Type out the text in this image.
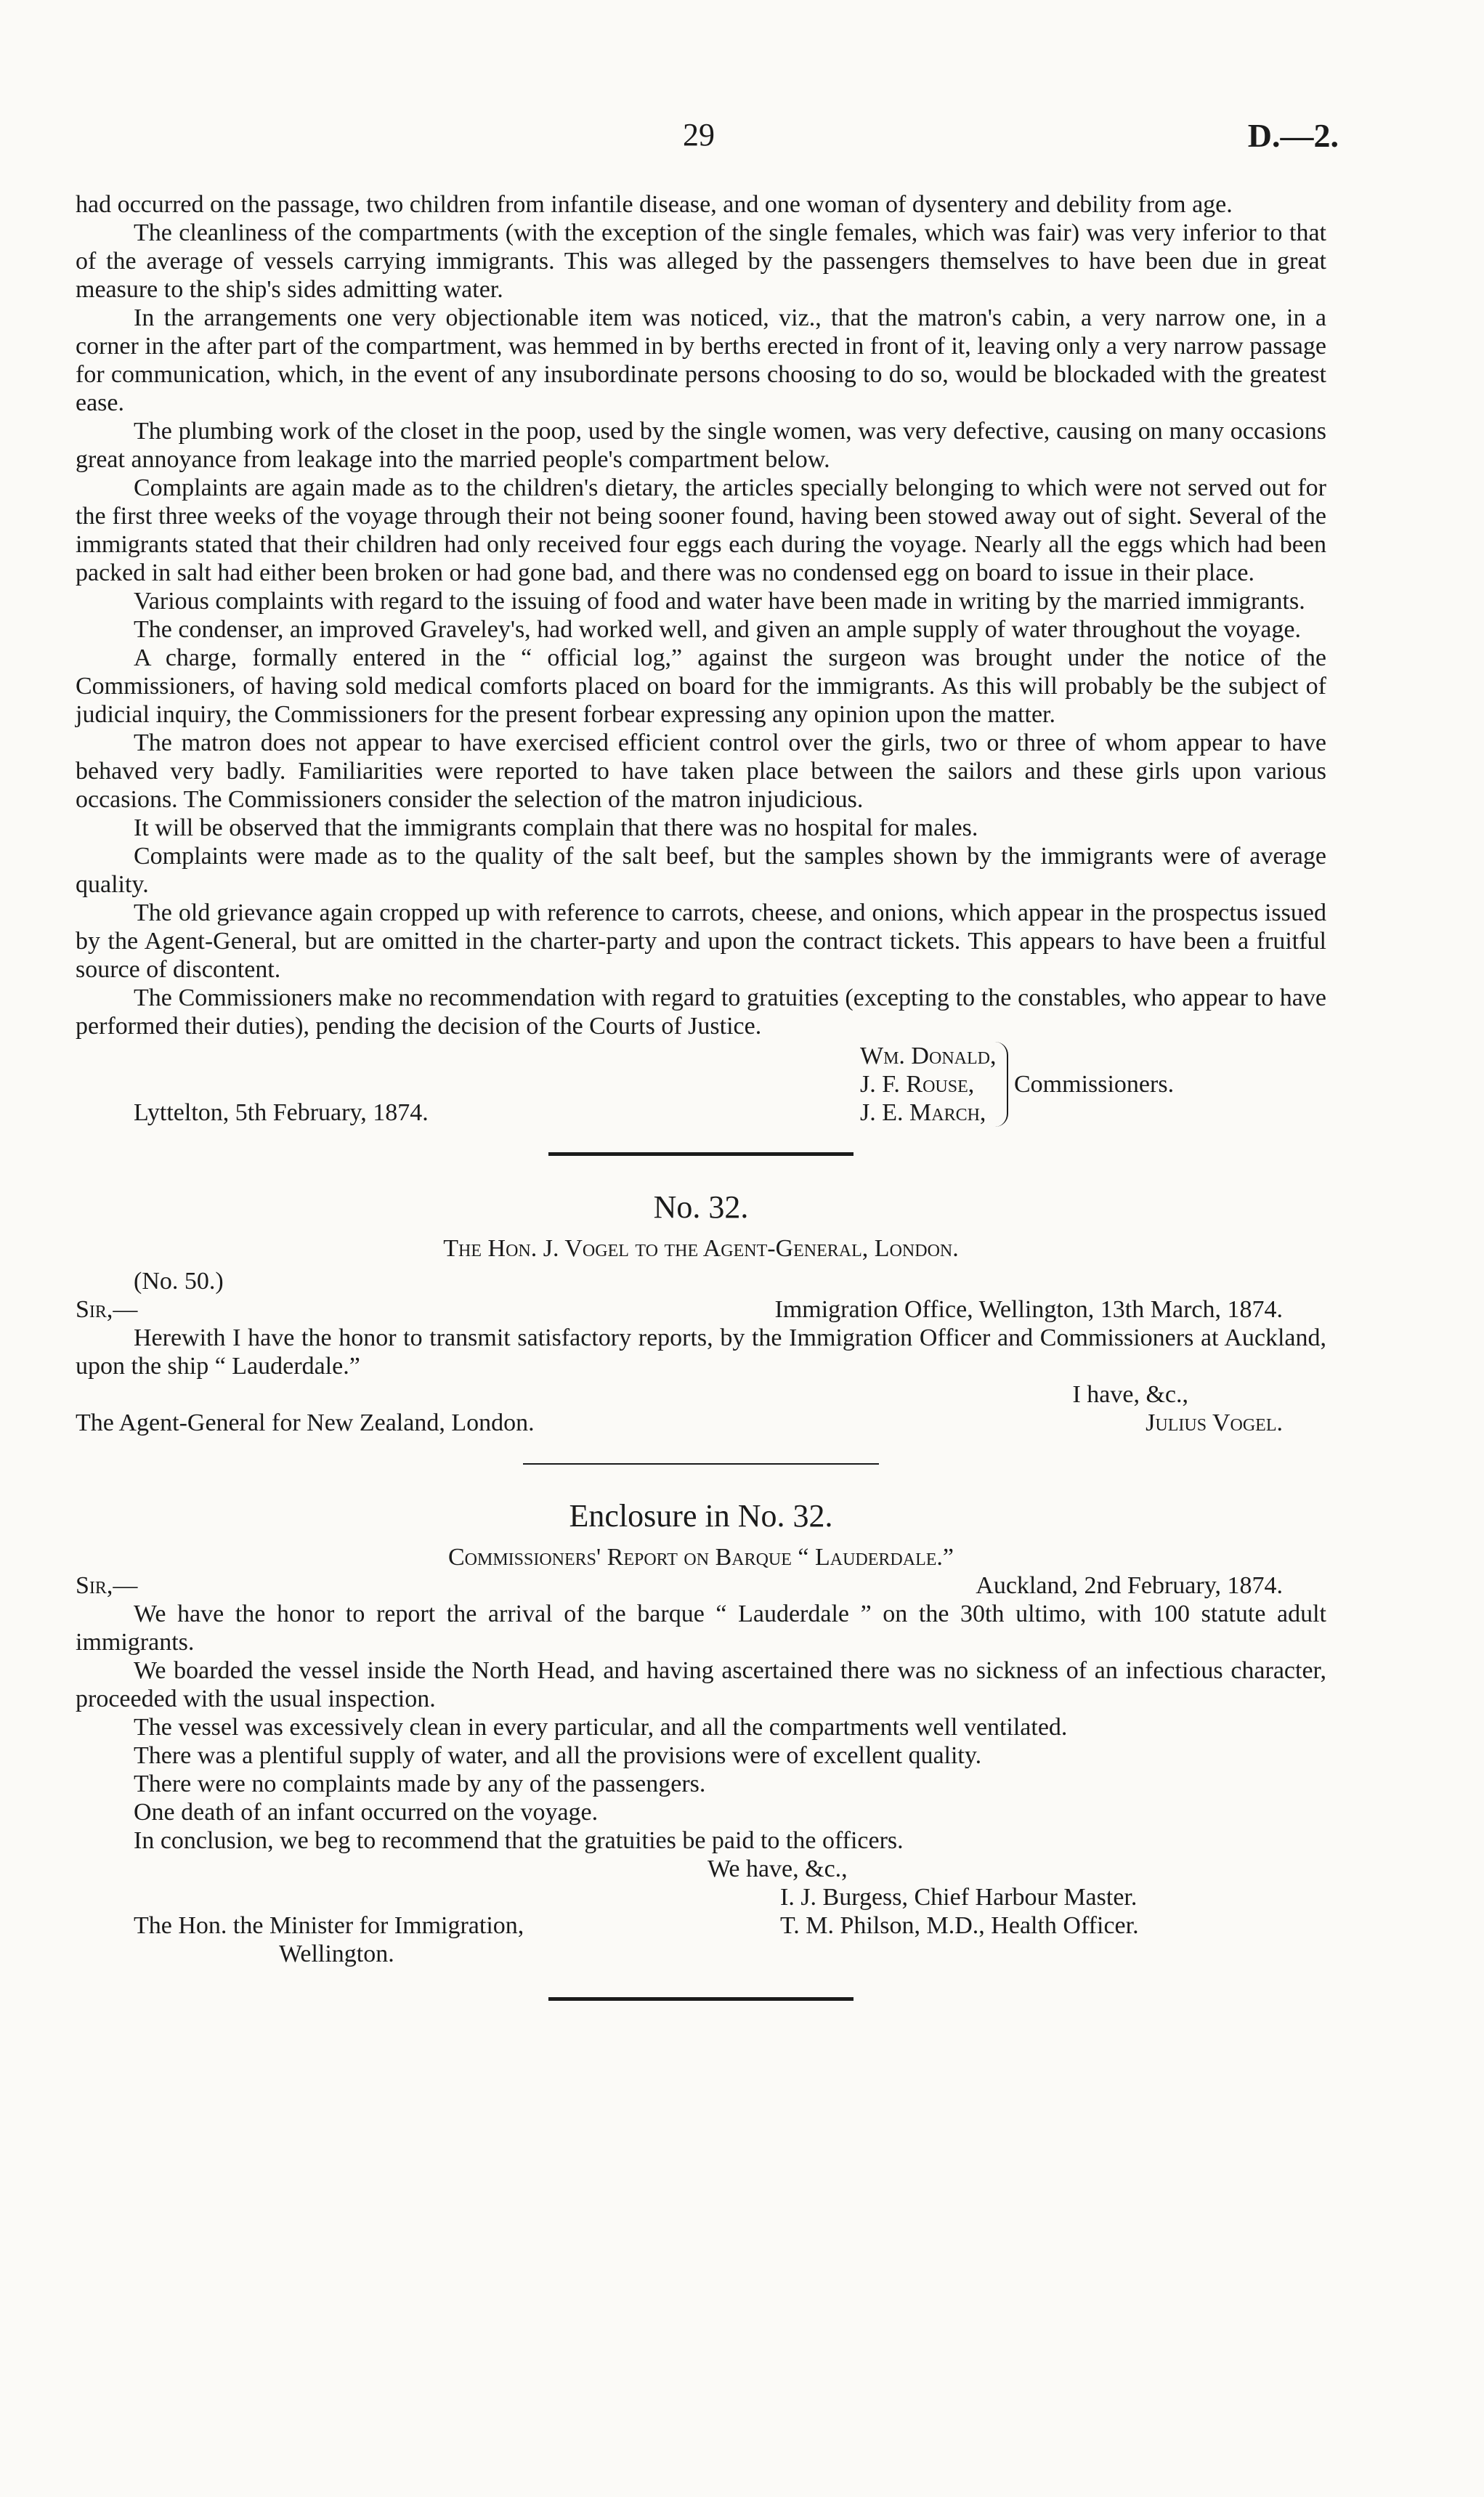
29	D.—2.

had occurred on the passage, two children from infantile disease, and one woman of dysentery and debility from age.

The cleanliness of the compartments (with the exception of the single females, which was fair) was very inferior to that of the average of vessels carrying immigrants. This was alleged by the passengers themselves to have been due in great measure to the ship's sides admitting water.

In the arrangements one very objectionable item was noticed, viz., that the matron's cabin, a very narrow one, in a corner in the after part of the compartment, was hemmed in by berths erected in front of it, leaving only a very narrow passage for communication, which, in the event of any insubordinate persons choosing to do so, would be blockaded with the greatest ease.

The plumbing work of the closet in the poop, used by the single women, was very defective, causing on many occasions great annoyance from leakage into the married people's compartment below.

Complaints are again made as to the children's dietary, the articles specially belonging to which were not served out for the first three weeks of the voyage through their not being sooner found, having been stowed away out of sight. Several of the immigrants stated that their children had only received four eggs each during the voyage. Nearly all the eggs which had been packed in salt had either been broken or had gone bad, and there was no condensed egg on board to issue in their place.

Various complaints with regard to the issuing of food and water have been made in writing by the married immigrants.

The condenser, an improved Graveley's, had worked well, and given an ample supply of water throughout the voyage.

A charge, formally entered in the “ official log,” against the surgeon was brought under the notice of the Commissioners, of having sold medical comforts placed on board for the immigrants. As this will probably be the subject of judicial inquiry, the Commissioners for the present forbear expressing any opinion upon the matter.

The matron does not appear to have exercised efficient control over the girls, two or three of whom appear to have behaved very badly. Familiarities were reported to have taken place between the sailors and these girls upon various occasions. The Commissioners consider the selection of the matron injudicious.

It will be observed that the immigrants complain that there was no hospital for males.

Complaints were made as to the quality of the salt beef, but the samples shown by the immigrants were of average quality.

The old grievance again cropped up with reference to carrots, cheese, and onions, which appear in the prospectus issued by the Agent-General, but are omitted in the charter-party and upon the contract tickets. This appears to have been a fruitful source of discontent.

The Commissioners make no recommendation with regard to gratuities (excepting to the constables, who appear to have performed their duties), pending the decision of the Courts of Justice.

Wm. Donald,
J. F. Rouse,
J. E. March,
Commissioners.
Lyttelton, 5th February, 1874.
No. 32.
The Hon. J. Vogel to the Agent-General, London.
(No. 50.)
Sir,—	Immigration Office, Wellington, 13th March, 1874.

Herewith I have the honor to transmit satisfactory reports, by the Immigration Officer and Commissioners at Auckland, upon the ship “ Lauderdale.”

I have, &c.,
The Agent-General for New Zealand, London.	Julius Vogel.
Enclosure in No. 32.
Commissioners' Report on Barque “ Lauderdale.”
Sir,—	Auckland, 2nd February, 1874.

We have the honor to report the arrival of the barque “ Lauderdale ” on the 30th ultimo, with 100 statute adult immigrants.

We boarded the vessel inside the North Head, and having ascertained there was no sickness of an infectious character, proceeded with the usual inspection.

The vessel was excessively clean in every particular, and all the compartments well ventilated.

There was a plentiful supply of water, and all the provisions were of excellent quality.

There were no complaints made by any of the passengers.

One death of an infant occurred on the voyage.

In conclusion, we beg to recommend that the gratuities be paid to the officers.

We have, &c.,
I. J. Burgess, Chief Harbour Master.
The Hon. the Minister for Immigration,	T. M. Philson, M.D., Health Officer.
Wellington.
